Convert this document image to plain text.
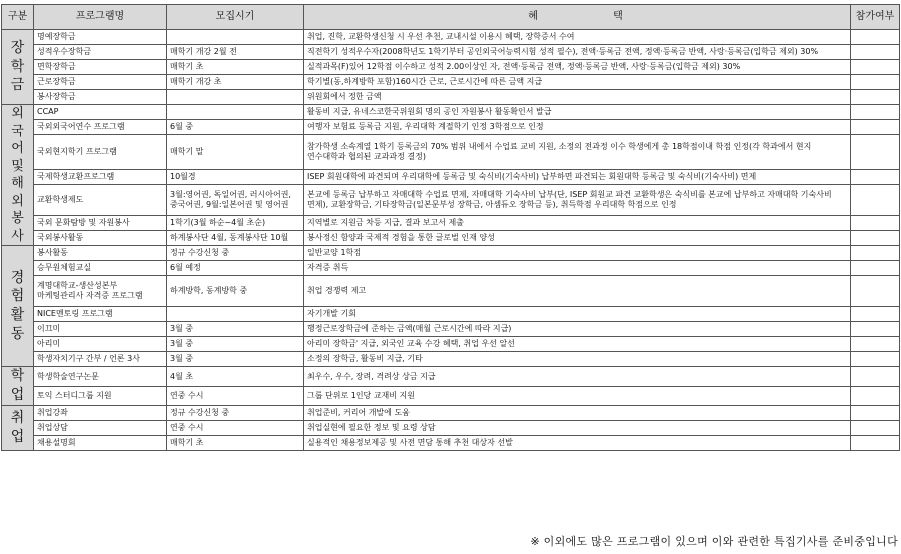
구분	프로그램명	모집시기	혜 택	참가여부
장학금	명예장학금		취업, 진학, 교환학생신청 시 우선 추천, 교내시설 이용시 혜택, 장학증서 수여	
	성적우수장학금	매학기 개강 2월 전	직전학기 성적우수자(2008학년도 1학기부터 공인외국어능력시험 성적 필수), 전액·등록금 전액, 정액·등록금 반액, 사랑·등록금(입학금 제외) 30%	
	면학장학금	매학기 초	실적과목(F)있어 12학점 이수하고 성적 2.00이상인 자, 전액·등록금 전액, 정액·등록금 반액, 사랑·등록금(입학금 제외) 30%	
	근로장학금	매학기 개강 초	학기별(동,하계방학 포함)160시간 근로, 근로시간에 따른 금액 지급	
	봉사장학금		위원회에서 정한 금액	
외국어및해외봉사	CCAP		활동비 지급, 유네스코한국위원회 명의 공인 자원봉사 활동확인서 발급	
	국외외국어연수 프로그램	6월 중	여행자 보험료 등록금 지원, 우리대학 계절학기 인정 3학점으로 인정	
	국외현지학기 프로그램	매학기 말	참가학생 소속계열 1학기 등록금의 70% 범위 내에서 수업료 교비 지원, 소정의 전과정 이수 학생에게 총 18학점이내 학점 인정(각 학과에서 현지 연수대학과 협의된 교과과정 결정)	
	국제학생교환프로그램	10월경	ISEP 회원대학에 파견되며 우리대학에 등록금 및 숙식비(기숙사비) 납부하면 파견되는 회원대학 등록금 및 숙식비(기숙사비) 면제	
	교환학생제도	3월:영어권, 독일어권, 러시아어권, 중국어권, 9월:일본어권 및 영어권	본교에 등록금 납부하고 자매대학 수업료 면제, 자매대학 기숙사비 납부(단, ISEP 회원교 파견 교환학생은 숙식비를 본교에 납부하고 자매대학 기숙사비 면제), 교환장학금, 기타장학금(일본문부성 장학금, 아셈듀오 장학금 등), 취득학점 우리대학 학점으로 인정	
	국외 문화탐방 및 자원봉사	1학기(3월 하순~4월 초순)	지역별로 지원금 차등 지급, 결과 보고서 제출	
	국외봉사활동	하계봉사단 4월, 동계봉사단 10월	봉사정신 함양과 국제적 경험을 통한 글로벌 인재 양성	
경험활동	봉사활동	정규 수강신청 중	일반교양 1학점	
	승무원체험교실	6월 예정	자격증 취득	
	계명대학교-생산성본부 마케팅관리사 자격증 프로그램	하계방학, 동계방학 중	취업 경쟁력 제고	
	NICE멘토링 프로그램		자기개발 기회	
	이끄미	3월 중	행정근로장학금에 준하는 금액(매월 근로시간에 따라 지급)	
	아리미	3월 중	아리미 장학금' 지급, 외국인 교육 수강 혜택, 취업 우선 알선	
	학생자치기구 간부 / 언론 3사	3월 중	소정의 장학금, 활동비 지급, 기타	
학업	학생학술연구논문	4월 초	최우수, 우수, 장려, 격려상 상금 지급	
	토익 스터디그룹 지원	연중 수시	그룹 단위로 1인당 교재비 지원	
취업	취업강좌	정규 수강신청 중	취업준비, 커리어 개발에 도움	
	취업상담	연중 수시	취업실현에 필요한 정보 및 요령 상담	
	채용설명회	매학기 초	실용적인 채용정보제공 및 사전 면담 통해 추천 대상자 선발	
※ 이외에도 많은 프로그램이 있으며 이와 관련한 특집기사를 준비중입니다
